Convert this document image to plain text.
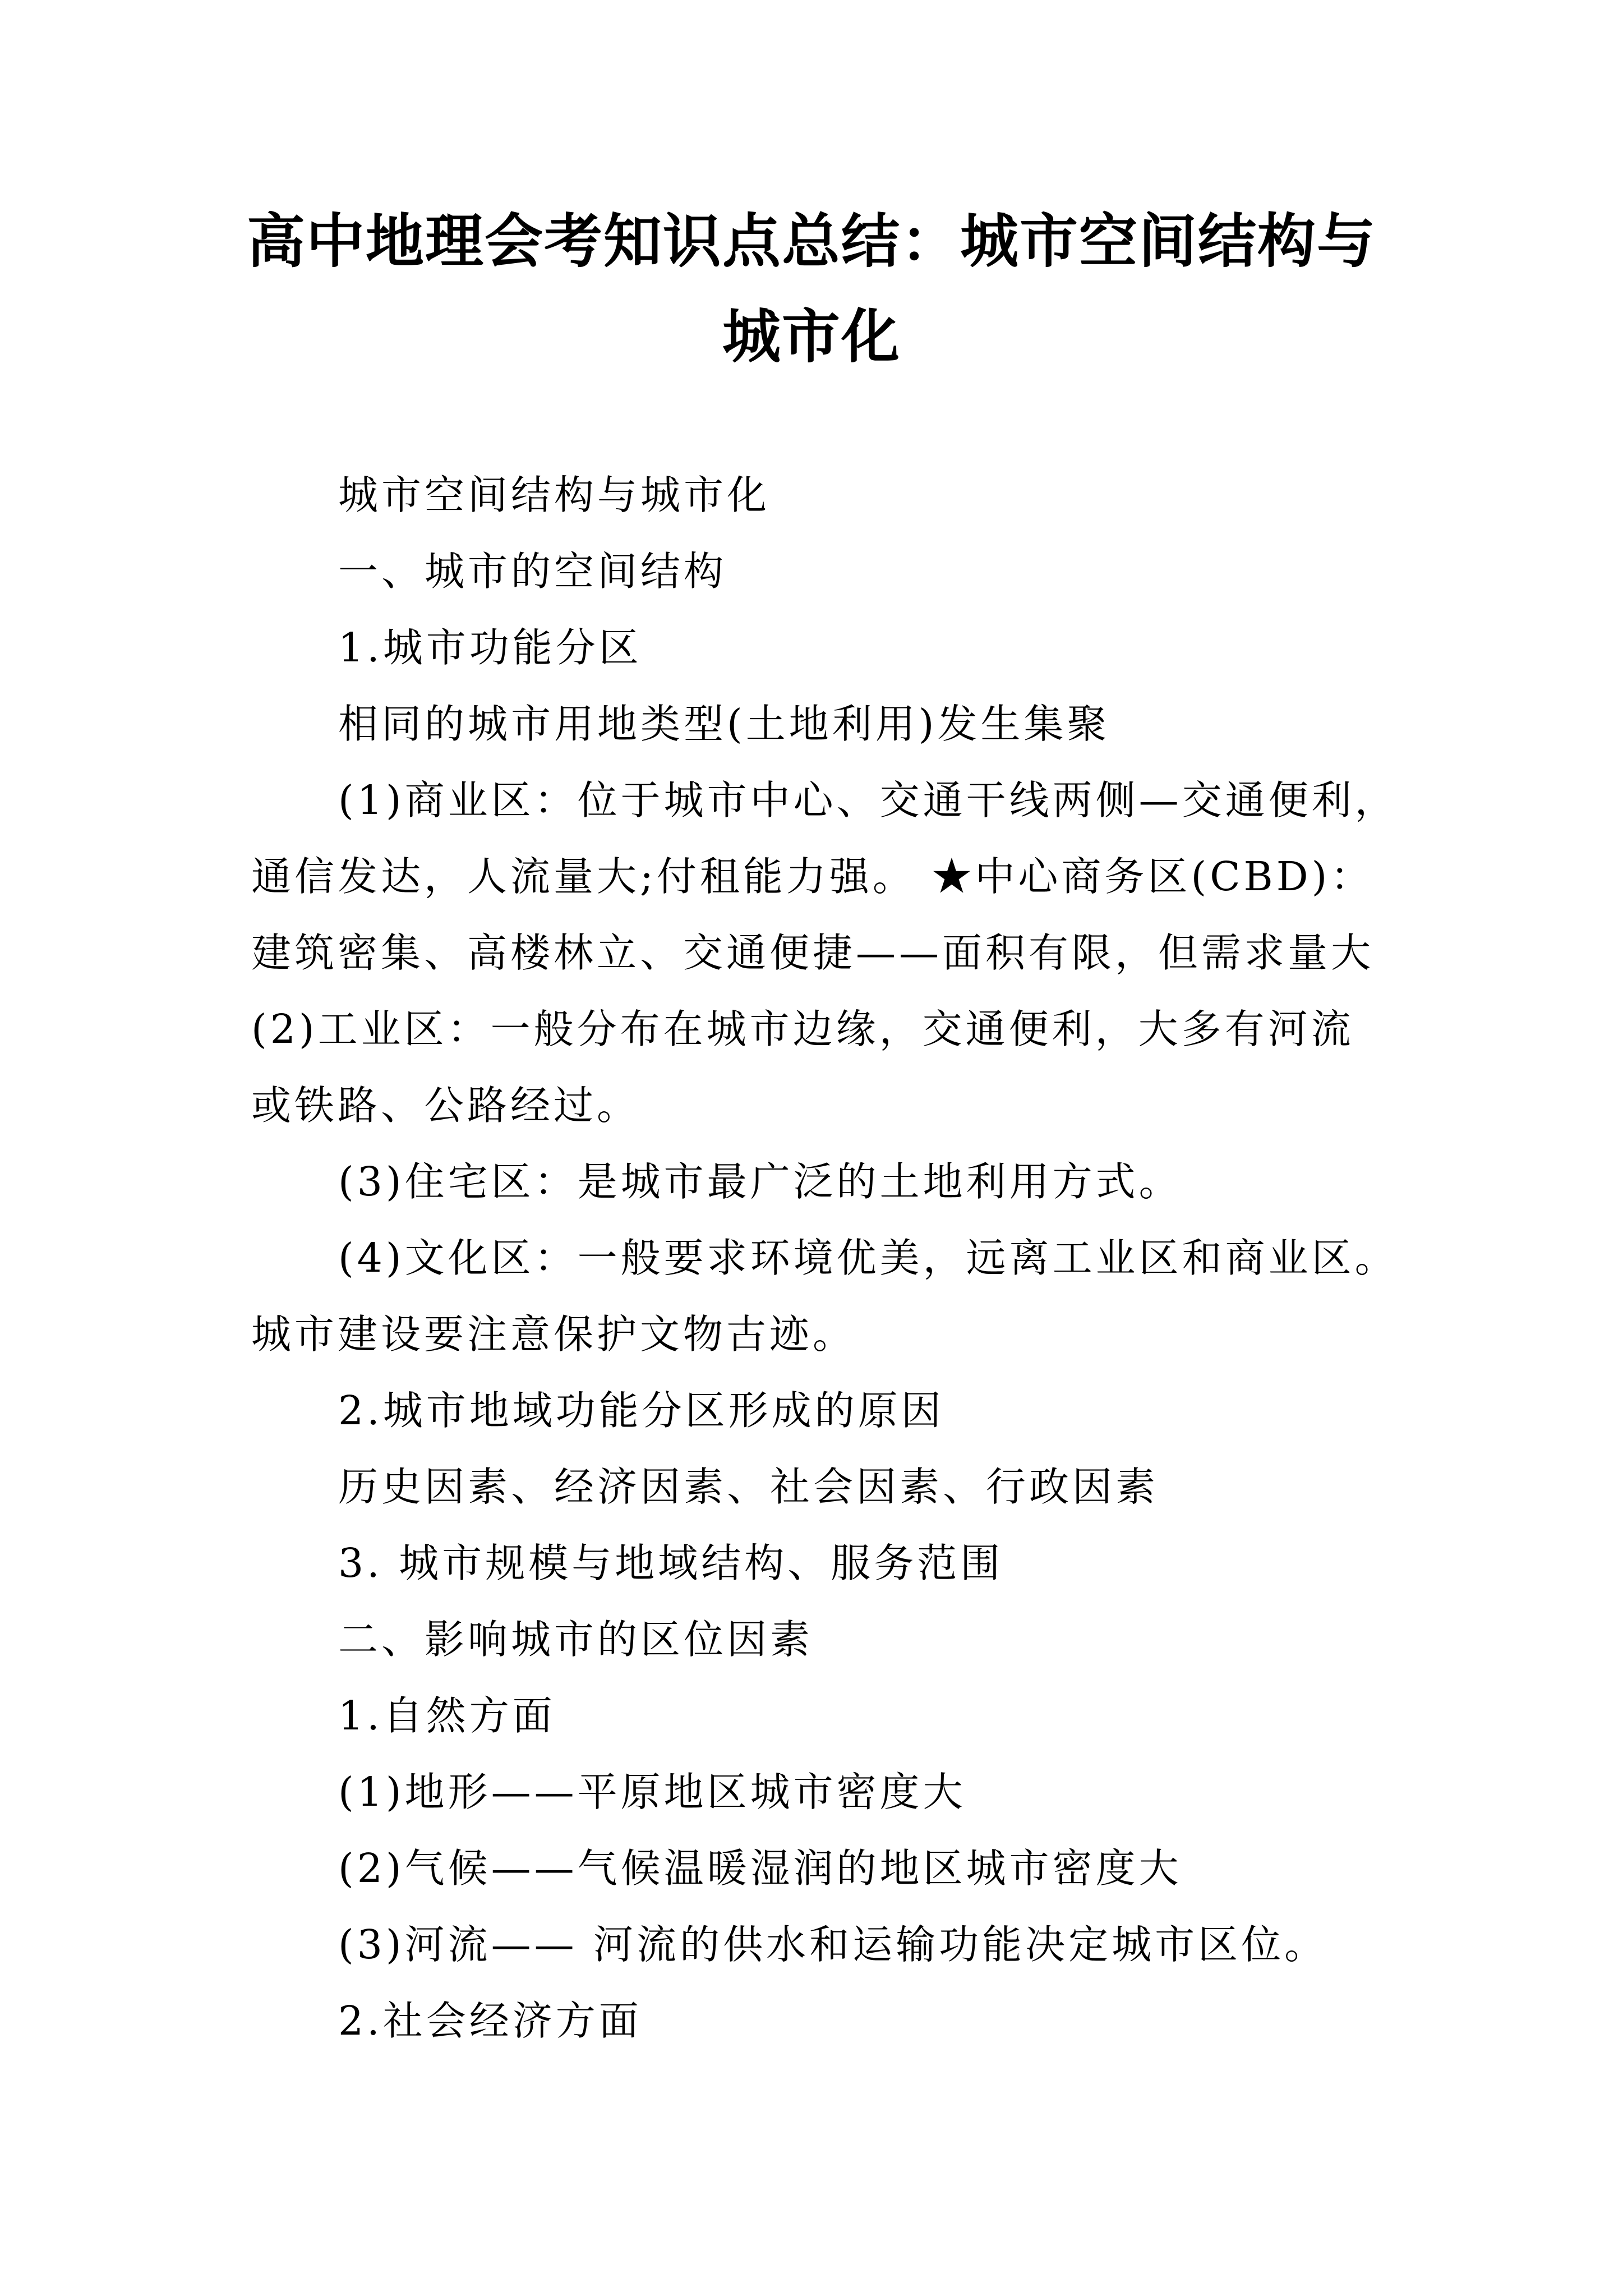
高中地理会考知识点总结：城市空间结构与
城市化
城市空间结构与城市化
一、城市的空间结构
1.城市功能分区
相同的城市用地类型(土地利用)发生集聚
(1)商业区：位于城市中心、交通干线两侧—交通便利，
通信发达，人流量大;付租能力强。 ★中心商务区(CBD)：
建筑密集、高楼林立、交通便捷——面积有限，但需求量大
(2)工业区：一般分布在城市边缘，交通便利，大多有河流
或铁路、公路经过。
(3)住宅区：是城市最广泛的土地利用方式。
(4)文化区：一般要求环境优美，远离工业区和商业区。
城市建设要注意保护文物古迹。
2.城市地域功能分区形成的原因
历史因素、经济因素、社会因素、行政因素
3. 城市规模与地域结构、服务范围
二、影响城市的区位因素
1.自然方面
(1)地形——平原地区城市密度大
(2)气候——气候温暖湿润的地区城市密度大
(3)河流—— 河流的供水和运输功能决定城市区位。
2.社会经济方面
